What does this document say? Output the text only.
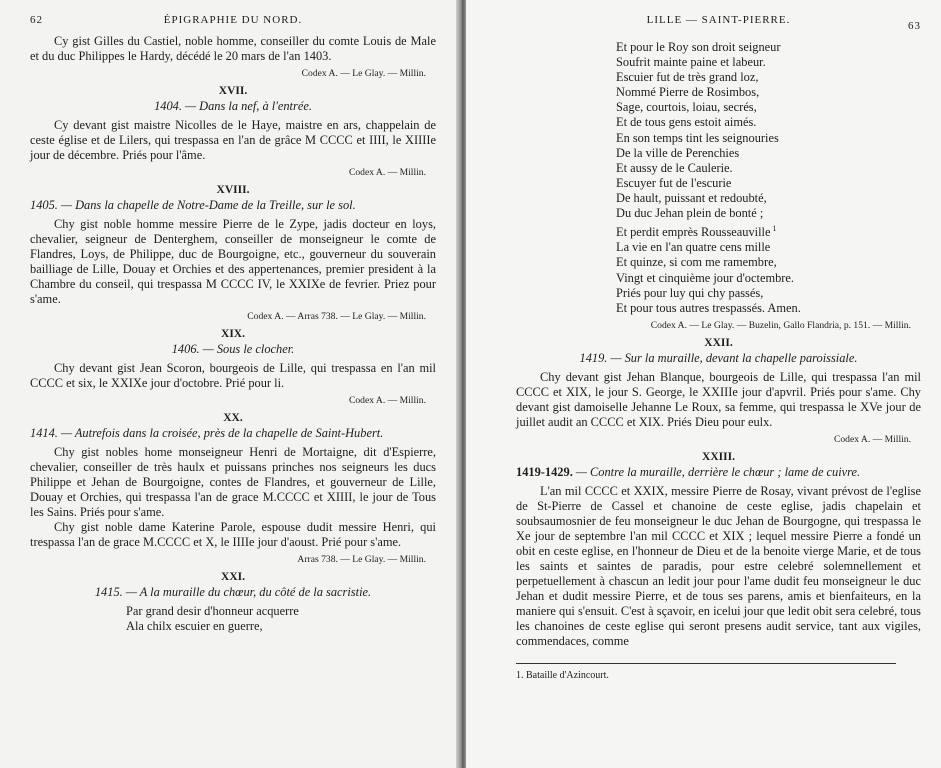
62	ÉPIGRAPHIE DU NORD.

Cy gist Gilles du Castiel, noble homme, conseiller du comte Louis de Male et du duc Philippes le Hardy, décédé le 20 mars de l'an 1403.

Codex A. — Le Glay. — Millin.
XVII.
1404. — Dans la nef, à l'entrée.

Cy devant gist maistre Nicolles de le Haye, maistre en ars, chappelain de ceste église et de Lilers, qui trespassa en l'an de grâce M CCCC et IIII, le XIIIIe jour de décembre. Priés pour l'âme.

Codex A. — Millin.
XVIII.
1405. — Dans la chapelle de Notre-Dame de la Treille, sur le sol.

Chy gist noble homme messire Pierre de le Zype, jadis docteur en loys, chevalier, seigneur de Denterghem, conseiller de monseigneur le comte de Flandres, Loys, de Philippe, duc de Bourgoigne, etc., gouverneur du souverain bailliage de Lille, Douay et Orchies et des appertenances, premier president à la Chambre du conseil, qui trespassa M CCCC IV, le XXIXe de fevrier. Priez pour s'ame.

Codex A. — Arras 738. — Le Glay. — Millin.
XIX.
1406. — Sous le clocher.

Chy devant gist Jean Scoron, bourgeois de Lille, qui trespassa en l'an mil CCCC et six, le XXIXe jour d'octobre. Prié pour li.

Codex A. — Millin.
XX.
1414. — Autrefois dans la croisée, près de la chapelle de Saint-Hubert.

Chy gist nobles home monseigneur Henri de Mortaigne, dit d'Espierre, chevalier, conseiller de très haulx et puissans prinches nos seigneurs les ducs Philippe et Jehan de Bourgoigne, contes de Flandres, et gouverneur de Lille, Douay et Orchies, qui trespassa l'an de grace M.CCCC et XIIII, le jour de Tous les Sains. Priés pour s'ame.

Chy gist noble dame Katerine Parole, espouse dudit messire Henri, qui trespassa l'an de grace M.CCCC et X, le IIIIe jour d'aoust. Prié pour s'ame.

Arras 738. — Le Glay. — Millin.
XXI.
1415. — A la muraille du chœur, du côté de la sacristie.
Par grand desir d'honneur acquerre
Ala chilx escuier en guerre,
LILLE — SAINT-PIERRE.	63
Et pour le Roy son droit seigneur
Soufrit mainte paine et labeur.
Escuier fut de très grand loz,
Nommé Pierre de Rosimbos,
Sage, courtois, loiau, secrés,
Et de tous gens estoit aimés.
En son temps tint les seignouries
De la ville de Perenchies
Et aussy de le Caulerie.
Escuyer fut de l'escurie
De hault, puissant et redoubté,
Du duc Jehan plein de bonté ;
Et perdit emprès Rousseauville $^1$
La vie en l'an quatre cens mille
Et quinze, si com me ramembre,
Vingt et cinquième jour d'octembre.
Priés pour luy qui chy passés,
Et pour tous autres trespassés. Amen.
Codex A. — Le Glay. — Buzelin, Gallo Flandria, p. 151. — Millin.
XXII.
1419. — Sur la muraille, devant la chapelle paroissiale.

Chy devant gist Jehan Blanque, bourgeois de Lille, qui trespassa l'an mil CCCC et XIX, le jour S. George, le XXIIIe jour d'apvril. Priés pour s'ame. Chy devant gist damoiselle Jehanne Le Roux, sa femme, qui trespassa le XVe jour de juillet audit an CCCC et XIX. Priés Dieu pour eulx.

Codex A. — Millin.
XXIII.
1419-1429. — Contre la muraille, derrière le chœur ; lame de cuivre.

L'an mil CCCC et XXIX, messire Pierre de Rosay, vivant prévost de l'eglise de St-Pierre de Cassel et chanoine de ceste eglise, jadis chapelain et soubsaumosnier de feu monseigneur le duc Jehan de Bourgogne, qui trespassa le Xe jour de septembre l'an mil CCCC et XIX ; lequel messire Pierre a fondé un obit en ceste eglise, en l'honneur de Dieu et de la benoite vierge Marie, et de tous les saints et saintes de paradis, pour estre celebré solemnellement et perpetuellement à chascun an ledit jour pour l'ame dudit feu monseigneur le duc Jehan et dudit messire Pierre, et de tous ses parens, amis et bienfaiteurs, en la maniere qui s'ensuit. C'est à sçavoir, en icelui jour que ledit obit sera celebré, tous les chanoines de ceste eglise qui seront presens audit service, tant aux vigiles, commendaces, comme

1. Bataille d'Azincourt.
